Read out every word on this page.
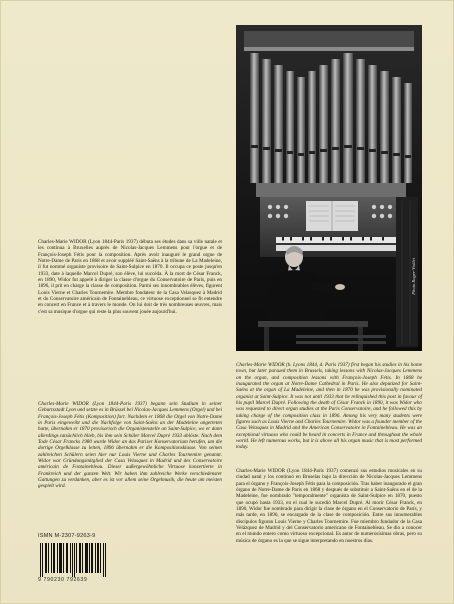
Photo Roger-Viollet

Charles-Marie WIDOR (Lyon 1844-Paris 1937) débuta ses études dans sa ville natale et les continua à Bruxelles auprès de Nicolas-Jacques Lemmens pour l'orgue et de François-Joseph Fétis pour la composition. Après avoir inauguré le grand orgue de Notre-Dame de Paris en 1868 et avoir suppléé Saint-Saëns à la tribune de La Madeleine, il fut nommé organiste provisoire de Saint-Sulpice en 1870. Il occupa ce poste jusqu'en 1933, date à laquelle Marcel Dupré, son élève, lui succéda. À la mort de César Franck, en 1890, Widor fut appelé à diriger la classe d'orgue du Conservatoire de Paris, puis en 1896, il prit en charge la classe de composition. Parmi ses innombrables élèves, figurent Louis Vierne et Charles Tournemire. Membre fondateur de la Casa Velasquez à Madrid et du Conservatoire américain de Fontainebleau, ce virtuose exceptionnel se fit entendre en concert en France et à travers le monde. On lui doit de très nombreuses œuvres, mais c'est sa musique d'orgue qui reste la plus souvent jouée aujourd'hui.

Charles-Marie WIDOR (Lyon 1844-Paris 1937) begann sein Studium in seiner Geburtsstadt Lyon und setzte es in Brüssel bei Nicolas-Jacques Lemmens (Orgel) und bei François-Joseph Fétis (Komposition) fort. Nachdem er 1868 die Orgel von Notre-Dame in Paris eingeweiht und die Nachfolge von Saint-Saëns an der Madeleine angetreten hatte, übernahm er 1870 provisorisch die Organistenstelle an Saint-Sulpice, wo er dann allerdings tatsächlich blieb, bis ihm sein Schüler Marcel Dupré 1933 ablöste. Nach dem Tode César Francks 1980 wurde Widor an das Pariser Konservatorium berufen, um die dortige Orgelklasse zu leiten, 1896 übernahm er die Kompositionsklasse. Von seinen zahlreichen Schülern seien hier nur Louis Vierne und Charles Tournemire genannt. Widor war Gründungsmitglied der Casa Velasquez in Madrid und des Conservatoire américain de Fontainebleau. Dieser außergewöhnliche Virtuose konzertierte in Frankreich und der ganzen Welt. Wir haben ihm zahlreiche Werke verschiedenster Gattungen zu verdanken, aber es ist vor allem seine Orgelmusik, die heute am meisten gespielt wird.

Charles-Marie WIDOR (b. Lyons 1844, d. Paris 1937) first began his studies in his home town, but later pursued them in Brussels, taking lessons with Nicolas-Jacques Lemmens on the organ, and composition lessons with François-Joseph Fétis. In 1868 he inaugurated the organ at Notre-Dame Cathedral in Paris. He also deputized for Saint-Saëns at the organ of La Madeleine, and then in 1870 he was provisionally nominated organist at Saint-Sulpice. It was not until 1933 that he relinquished this post in favour of his pupil Marcel Dupré. Following the death of César Franck in 1890, it was Widor who was requested to direct organ studies at the Paris Conservatoire, and he followed this by taking charge of the composition class in 1896. Among his very many students were figures such as Louis Vierne and Charles Tournemire. Widor was a founder member of the Casa Velasquez in Madrid and the American Conservatoire in Fontainebleau. He was an exceptional virtuoso who could be heard in concerts in France and throughout the whole world. He left numerous works, but it is above all his organ music that is most performed today.

Charles-Marie WIDOR (Lyon 1844-París 1937) comenzó sus estudios musicales en su ciudad natal y los continuó en Bruselas bajo la dirección de Nicolas-Jacques Lemmens para el órgano y François-Joseph Fétis para la composición. Tras haber inaugurado el gran órgano de Notre-Dame de Paris en 1868 y después de substituir a Saint-Saëns en el de la Madeleine, fue nombrado "temporalmente" organista de Saint-Sulpice en 1870, puesto que ocupó hasta 1933, en el cual le sucedió Marcel Dupré. Al morir César Franck, en 1890, Widor fue nombrado para dirigir la clase de órgano en el Conservatorio de París, y más tarde, en 1896, se encargado de la clase de composición. Entre sus innumerables discípulos figuran Louis Vierne y Charles Tournemire. Fue miembro fundador de la Casa Velázquez de Madrid y del Conservatorio americano de Fontainebleau. Se dio a conocer en el mundo entero como virtuoso excepcional. Es autor de numerosísimas obras, pero su música de órgano es la que se sigue interpretando en nuestros días.

ISMN M-2307-9263-9
9 790230 792639
